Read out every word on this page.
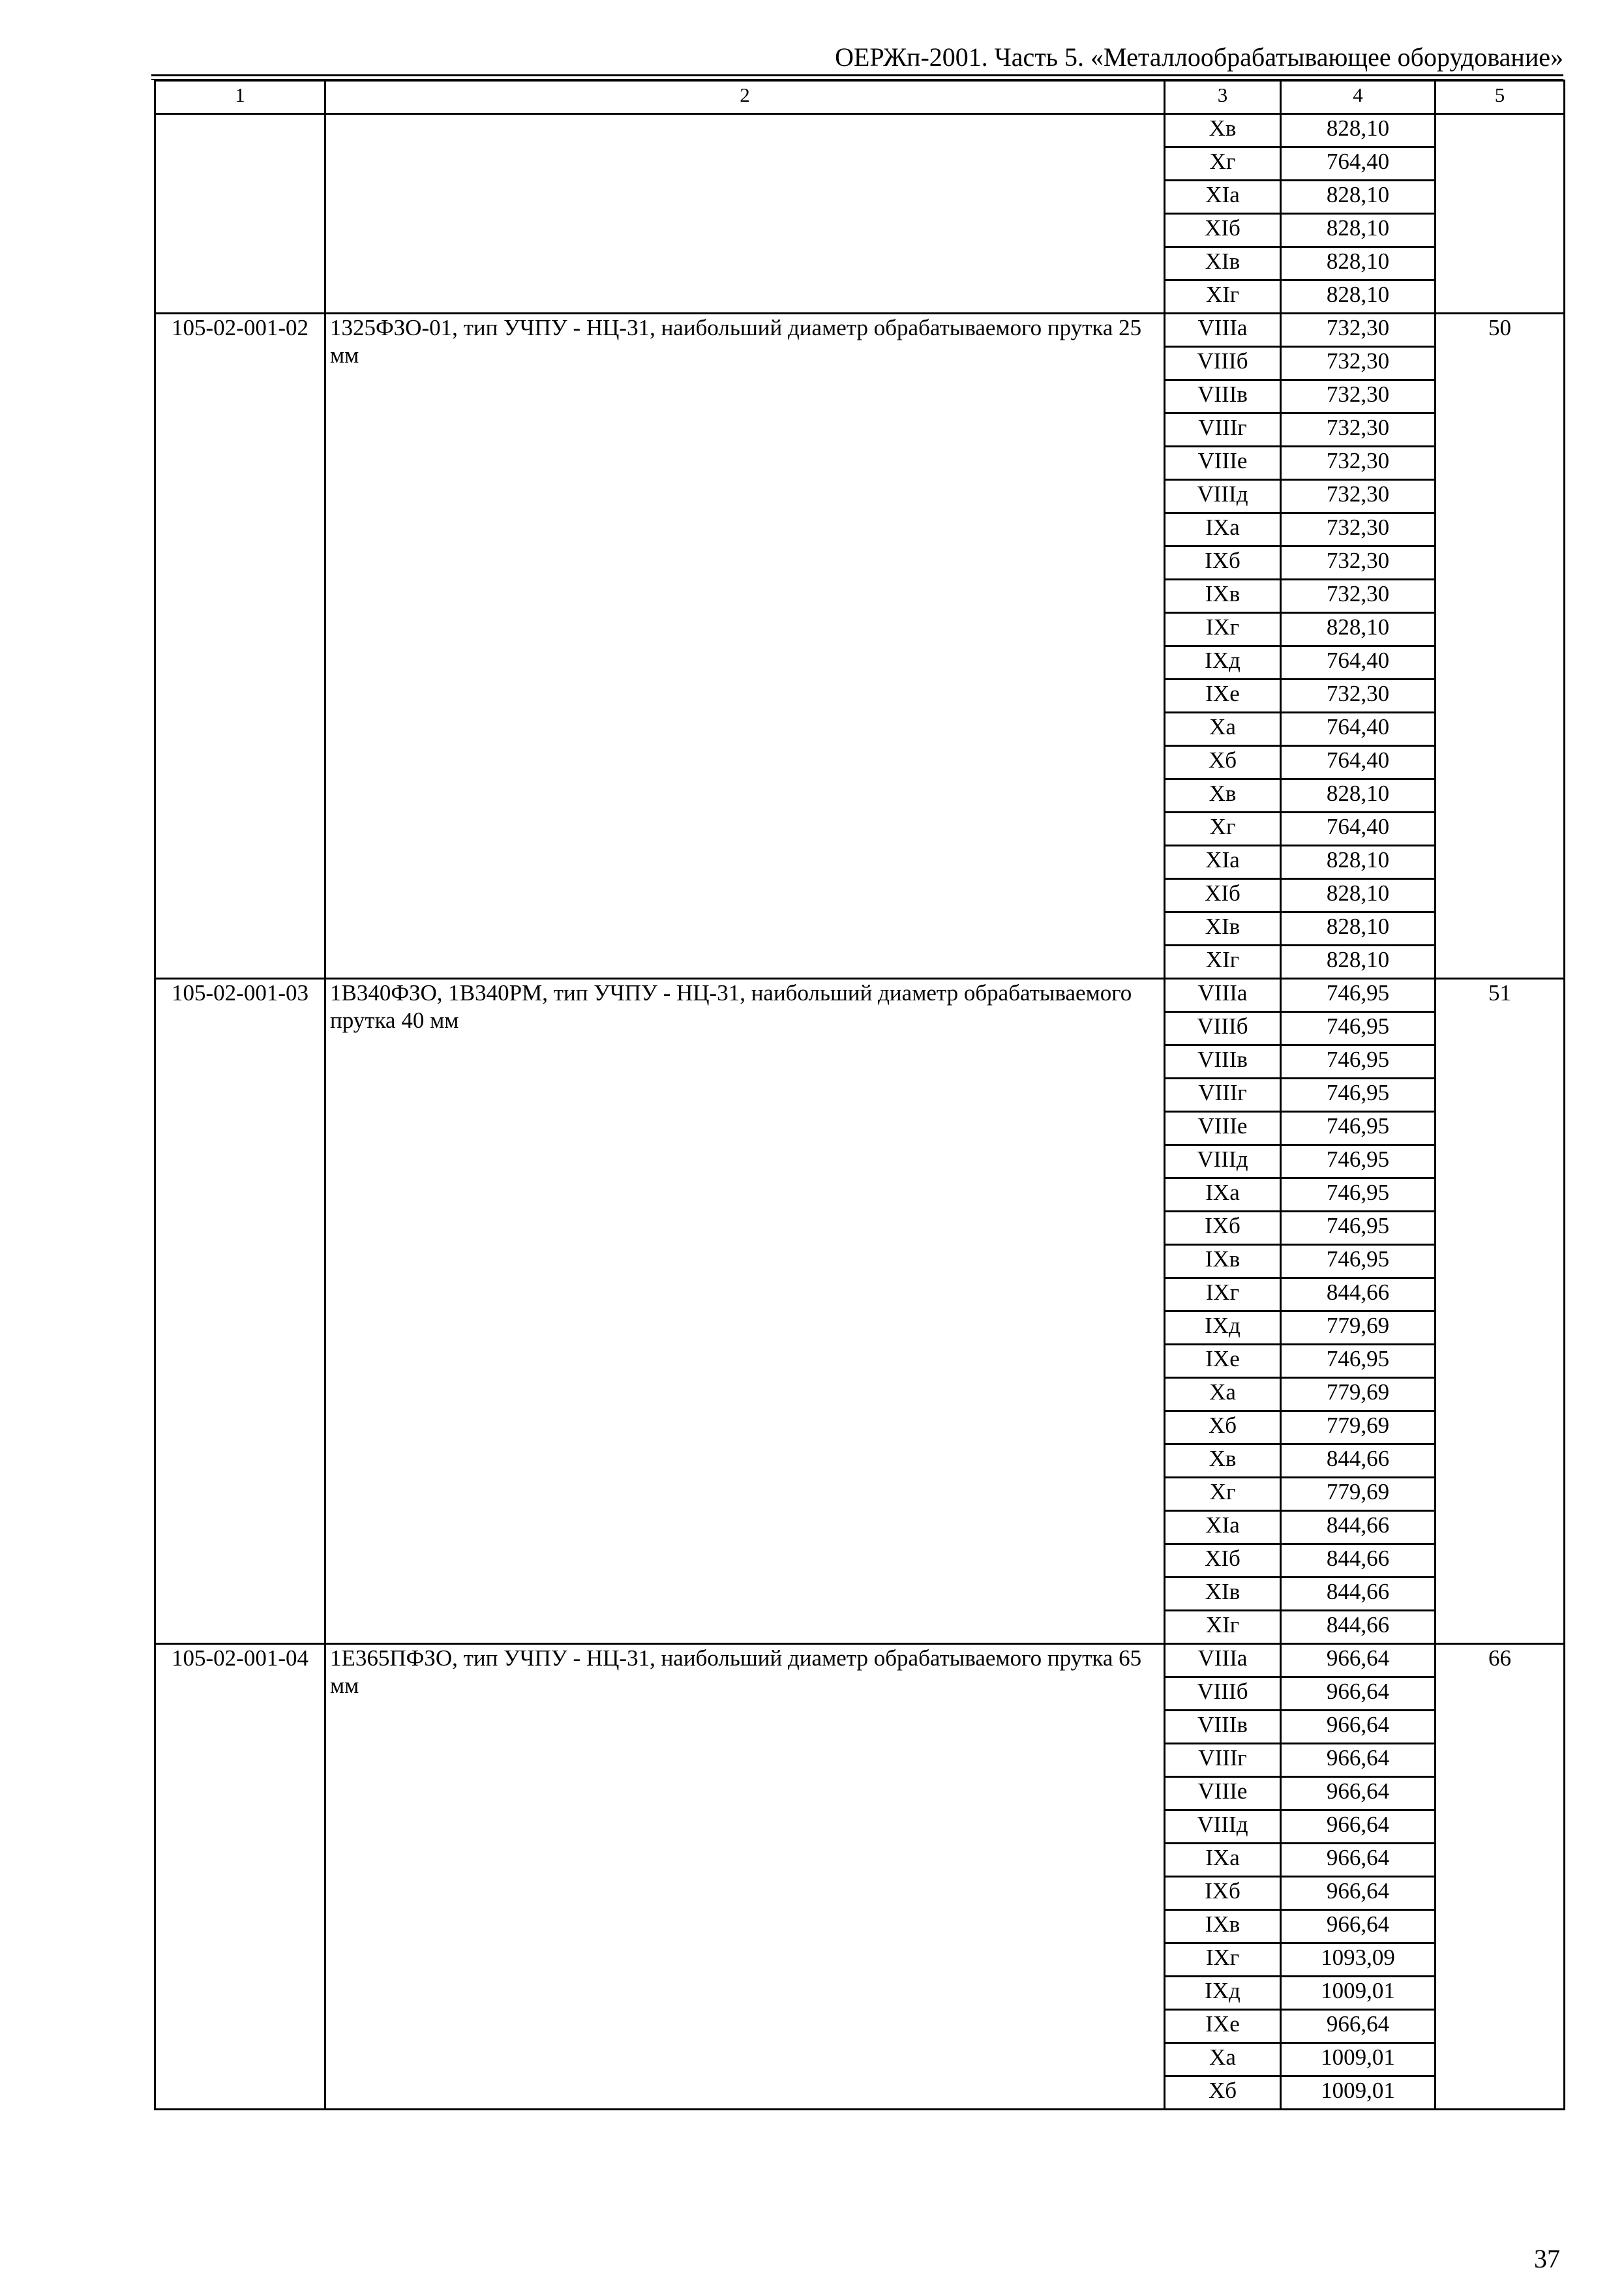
ОЕРЖп-2001. Часть 5. «Металлообрабатывающее оборудование»
1	2	3	4	5
		Xв	828,10	
		Xг	764,40	
		XIа	828,10	
		XIб	828,10	
		XIв	828,10	
		XIг	828,10	
105-02-001-02	1325ФЗО-01, тип УЧПУ - НЦ-31, наибольший диаметр обрабатываемого прутка 25 мм	VIIIа	732,30	50
		VIIIб	732,30	
		VIIIв	732,30	
		VIIIг	732,30	
		VIIIе	732,30	
		VIIIд	732,30	
		IXа	732,30	
		IXб	732,30	
		IXв	732,30	
		IXг	828,10	
		IXд	764,40	
		IXе	732,30	
		Xа	764,40	
		Xб	764,40	
		Xв	828,10	
		Xг	764,40	
		XIа	828,10	
		XIб	828,10	
		XIв	828,10	
		XIг	828,10	
105-02-001-03	1В340ФЗО, 1В340РМ, тип УЧПУ - НЦ-31, наибольший диаметр обрабатываемого прутка 40 мм	VIIIа	746,95	51
		VIIIб	746,95	
		VIIIв	746,95	
		VIIIг	746,95	
		VIIIе	746,95	
		VIIIд	746,95	
		IXа	746,95	
		IXб	746,95	
		IXв	746,95	
		IXг	844,66	
		IXд	779,69	
		IXе	746,95	
		Xа	779,69	
		Xб	779,69	
		Xв	844,66	
		Xг	779,69	
		XIа	844,66	
		XIб	844,66	
		XIв	844,66	
		XIг	844,66	
105-02-001-04	1Е365ПФЗО, тип УЧПУ - НЦ-31, наибольший диаметр обрабатываемого прутка 65 мм	VIIIа	966,64	66
		VIIIб	966,64	
		VIIIв	966,64	
		VIIIг	966,64	
		VIIIе	966,64	
		VIIIд	966,64	
		IXа	966,64	
		IXб	966,64	
		IXв	966,64	
		IXг	1093,09	
		IXд	1009,01	
		IXе	966,64	
		Xа	1009,01	
		Xб	1009,01	
37
